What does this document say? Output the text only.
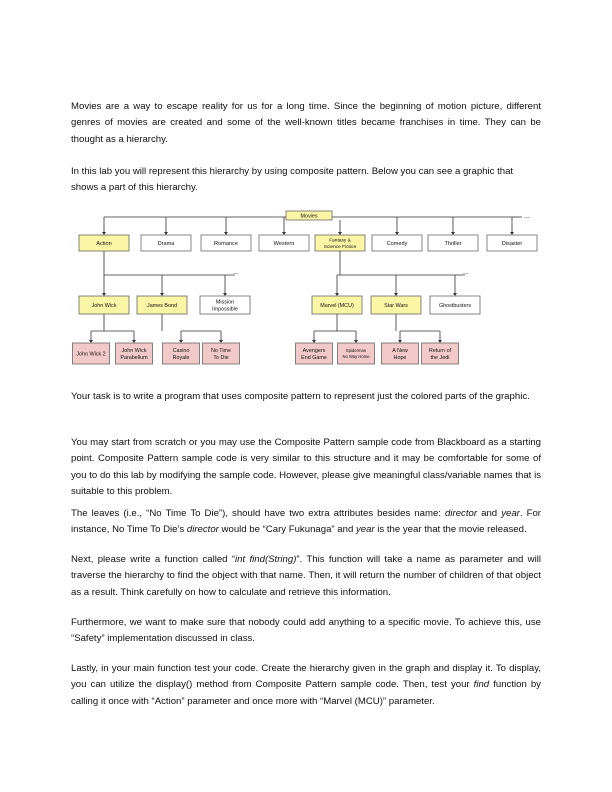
Movies are a way to escape reality for us for a long time. Since the beginning of motion picture, different genres of movies are created and some of the well-known titles became franchises in time. They can be thought as a hierarchy.

In this lab you will represent this hierarchy by using composite pattern. Below you can see a graphic that shows a part of this hierarchy.

...
Movies
Action	Drama	Romance	Western	Fantasy &
Science Fiction
Comedy	Thriller	Disaster
...	...
John Wick	James Bond
Mission
Impossible
Marvel (MCU)	Star Wars	Ghostbusters
John Wick 2
John Wick
Parabellum
Casino
Royale
No Time
To Die
Avengers
End Game
Spiderman
No Way Home
A New
Hope
Return of
the Jedi

Your task is to write a program that uses composite pattern to represent just the colored parts of the graphic.

You may start from scratch or you may use the Composite Pattern sample code from Blackboard as a starting point. Composite Pattern sample code is very similar to this structure and it may be comfortable for some of you to do this lab by modifying the sample code. However, please give meaningful class/variable names that is suitable to this problem.

The leaves (i.e., “No Time To Die”), should have two extra attributes besides name: director and year. For instance, No Time To Die’s director would be “Cary Fukunaga” and year is the year that the movie released.

Next, please write a function called “int find(String)”. This function will take a name as parameter and will traverse the hierarchy to find the object with that name. Then, it will return the number of children of that object as a result. Think carefully on how to calculate and retrieve this information.

Furthermore, we want to make sure that nobody could add anything to a specific movie. To achieve this, use “Safety” implementation discussed in class.

Lastly, in your main function test your code. Create the hierarchy given in the graph and display it. To display, you can utilize the display() method from Composite Pattern sample code. Then, test your find function by calling it once with “Action” parameter and once more with “Marvel (MCU)” parameter.
